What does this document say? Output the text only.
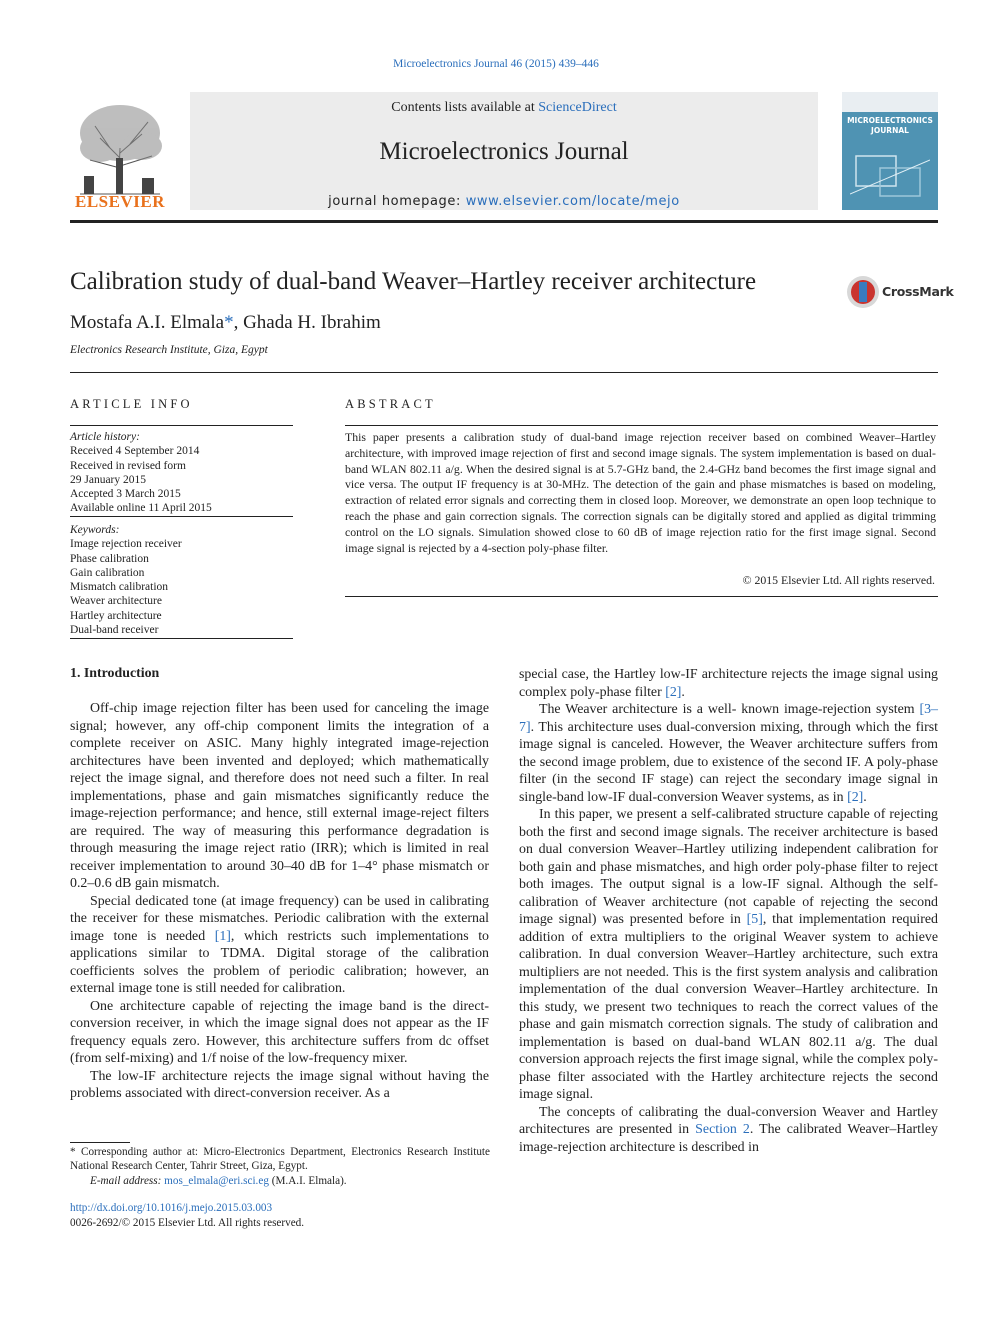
Microelectronics Journal 46 (2015) 439–446
ELSEVIER
Contents lists available at ScienceDirect
Microelectronics Journal
journal homepage: www.elsevier.com/locate/mejo
MICROELECTRONICS JOURNAL
Calibration study of dual-band Weaver–Hartley receiver architecture	CrossMark
Mostafa A.I. Elmala*, Ghada H. Ibrahim
Electronics Research Institute, Giza, Egypt
ARTICLE INFO
Article history:
Received 4 September 2014
Received in revised form
29 January 2015
Accepted 3 March 2015
Available online 11 April 2015
Keywords:
Image rejection receiver
Phase calibration
Gain calibration
Mismatch calibration
Weaver architecture
Hartley architecture
Dual-band receiver
ABSTRACT
This paper presents a calibration study of dual-band image rejection receiver based on combined Weaver–Hartley architecture, with improved image rejection of first and second image signals. The system implementation is based on dual-band WLAN 802.11 a/g. When the desired signal is at 5.7-GHz band, the 2.4-GHz band becomes the first image signal and vice versa. The output IF frequency is at 30-MHz. The detection of the gain and phase mismatches is based on modeling, extraction of related error signals and correcting them in closed loop. Moreover, we demonstrate an open loop technique to reach the phase and gain correction signals. The correction signals can be digitally stored and applied as digital trimming control on the LO signals. Simulation showed close to 60 dB of image rejection ratio for the first image signal. Second image signal is rejected by a 4-section poly-phase filter.
© 2015 Elsevier Ltd. All rights reserved.
1. Introduction

Off-chip image rejection filter has been used for canceling the image signal; however, any off-chip component limits the integration of a complete receiver on ASIC. Many highly integrated image-rejection architectures have been invented and deployed; which mathematically reject the image signal, and therefore does not need such a filter. In real implementations, phase and gain mismatches significantly reduce the image-rejection performance; and hence, still external image-reject filters are required. The way of measuring this performance degradation is through measuring the image reject ratio (IRR); which is limited in real receiver implementation to around 30–40 dB for 1–4° phase mismatch or 0.2–0.6 dB gain mismatch.

Special dedicated tone (at image frequency) can be used in calibrating the receiver for these mismatches. Periodic calibration with the external image tone is needed [1], which restricts such implementations to applications similar to TDMA. Digital storage of the calibration coefficients solves the problem of periodic calibration; however, an external image tone is still needed for calibration.

One architecture capable of rejecting the image band is the direct-conversion receiver, in which the image signal does not appear as the IF frequency equals zero. However, this architecture suffers from dc offset (from self-mixing) and 1/f noise of the low-frequency mixer.

The low-IF architecture rejects the image signal without having the problems associated with direct-conversion receiver. As a

special case, the Hartley low-IF architecture rejects the image signal using complex poly-phase filter [2].

The Weaver architecture is a well- known image-rejection system [3–7]. This architecture uses dual-conversion mixing, through which the first image signal is canceled. However, the Weaver architecture suffers from the second image problem, due to existence of the second IF. A poly-phase filter (in the second IF stage) can reject the secondary image signal in single-band low-IF dual-conversion Weaver systems, as in [2].

In this paper, we present a self-calibrated structure capable of rejecting both the first and second image signals. The receiver architecture is based on dual conversion Weaver–Hartley utilizing independent calibration for both gain and phase mismatches, and high order poly-phase filter to reject both images. The output signal is a low-IF signal. Although the self-calibration of Weaver architecture (not capable of rejecting the second image signal) was presented before in [5], that implementation required addition of extra multipliers to the original Weaver system to achieve calibration. In dual conversion Weaver–Hartley architecture, such extra multipliers are not needed. This is the first system analysis and calibration implementation of the dual conversion Weaver–Hartley architecture. In this study, we present two techniques to reach the correct values of the phase and gain mismatch correction signals. The study of calibration and implementation is based on dual-band WLAN 802.11 a/g. The dual conversion approach rejects the first image signal, while the complex poly-phase filter associated with the Hartley architecture rejects the second image signal.

The concepts of calibrating the dual-conversion Weaver and Hartley architectures are presented in Section 2. The calibrated Weaver–Hartley image-rejection architecture is described in

* Corresponding author at: Micro-Electronics Department, Electronics Research Institute National Research Center, Tahrir Street, Giza, Egypt.
E-mail address: mos_elmala@eri.sci.eg (M.A.I. Elmala).
http://dx.doi.org/10.1016/j.mejo.2015.03.003
0026-2692/© 2015 Elsevier Ltd. All rights reserved.
